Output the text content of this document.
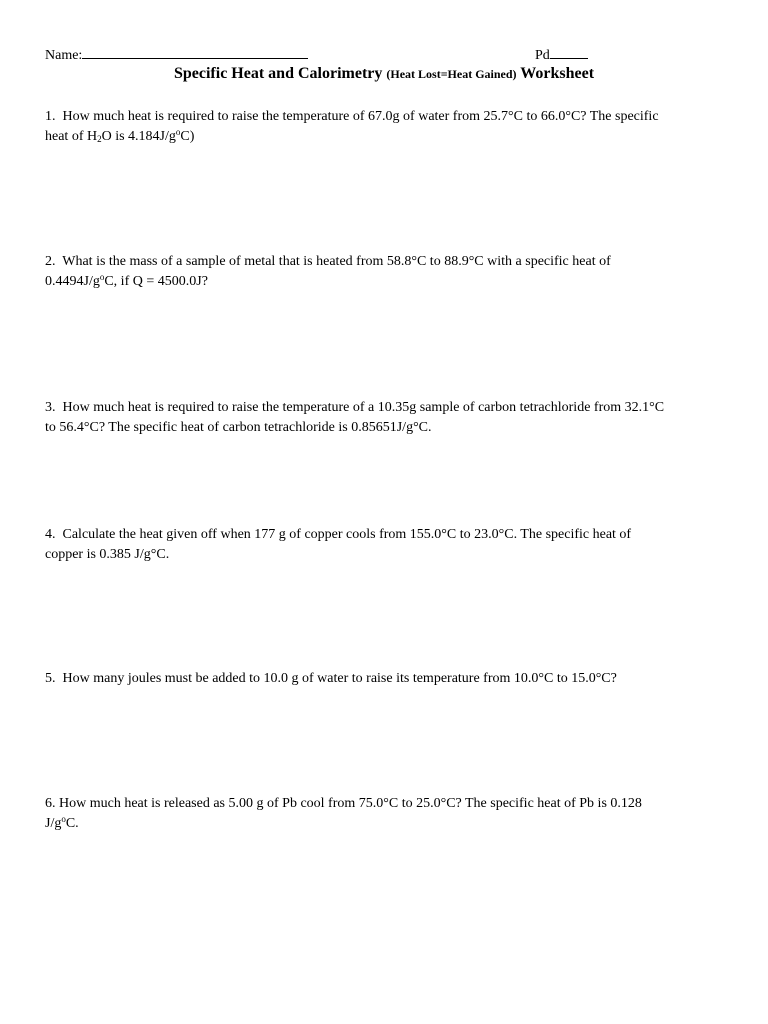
Name:	Pd
Specific Heat and Calorimetry (Heat Lost=Heat Gained) Worksheet

1. How much heat is required to raise the temperature of 67.0g of water from 25.7°C to 66.0°C? The specific

heat of $H_2O$ is $4.184J/g^oC$)

2. What is the mass of a sample of metal that is heated from 58.8°C to 88.9°C with a specific heat of

$0.4494J/g^oC$, if Q = 4500.0J?

3. How much heat is required to raise the temperature of a 10.35g sample of carbon tetrachloride from 32.1°C

to 56.4°C? The specific heat of carbon tetrachloride is 0.85651J/g°C.

4. Calculate the heat given off when 177 g of copper cools from 155.0°C to 23.0°C. The specific heat of

copper is 0.385 J/g°C.

5. How many joules must be added to 10.0 g of water to raise its temperature from 10.0°C to 15.0°C?

6. How much heat is released as 5.00 g of Pb cool from 75.0°C to 25.0°C? The specific heat of Pb is 0.128

$J/g^oC$.
